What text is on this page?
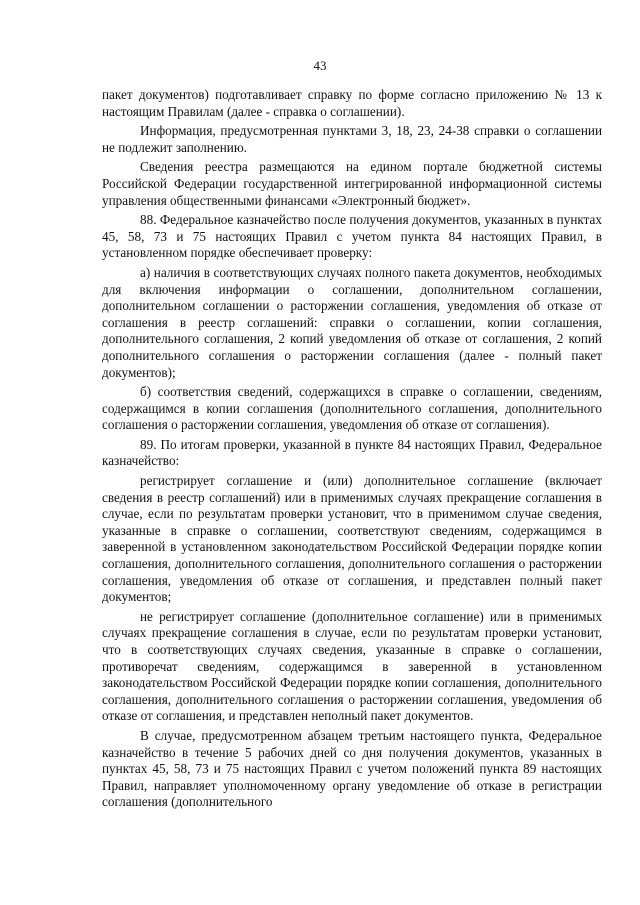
43

пакет документов) подготавливает справку по форме согласно приложению № 13 к настоящим Правилам (далее - справка о соглашении).

Информация, предусмотренная пунктами 3, 18, 23, 24-38 справки о соглашении не подлежит заполнению.

Сведения реестра размещаются на едином портале бюджетной системы Российской Федерации государственной интегрированной информационной системы управления общественными финансами «Электронный бюджет».

88. Федеральное казначейство после получения документов, указанных в пунктах 45, 58, 73 и 75 настоящих Правил с учетом пункта 84 настоящих Правил, в установленном порядке обеспечивает проверку:

а) наличия в соответствующих случаях полного пакета документов, необходимых для включения информации о соглашении, дополнительном соглашении, дополнительном соглашении о расторжении соглашения, уведомления об отказе от соглашения в реестр соглашений: справки о соглашении, копии соглашения, дополнительного соглашения, 2 копий уведомления об отказе от соглашения, 2 копий дополнительного соглашения о расторжении соглашения (далее - полный пакет документов);

б) соответствия сведений, содержащихся в справке о соглашении, сведениям, содержащимся в копии соглашения (дополнительного соглашения, дополнительного соглашения о расторжении соглашения, уведомления об отказе от соглашения).

89. По итогам проверки, указанной в пункте 84 настоящих Правил, Федеральное казначейство:

регистрирует соглашение и (или) дополнительное соглашение (включает сведения в реестр соглашений) или в применимых случаях прекращение соглашения в случае, если по результатам проверки установит, что в применимом случае сведения, указанные в справке о соглашении, соответствуют сведениям, содержащимся в заверенной в установленном законодательством Российской Федерации порядке копии соглашения, дополнительного соглашения, дополнительного соглашения о расторжении соглашения, уведомления об отказе от соглашения, и представлен полный пакет документов;

не регистрирует соглашение (дополнительное соглашение) или в применимых случаях прекращение соглашения в случае, если по результатам проверки установит, что в соответствующих случаях сведения, указанные в справке о соглашении, противоречат сведениям, содержащимся в заверенной в установленном законодательством Российской Федерации порядке копии соглашения, дополнительного соглашения, дополнительного соглашения о расторжении соглашения, уведомления об отказе от соглашения, и представлен неполный пакет документов.

В случае, предусмотренном абзацем третьим настоящего пункта, Федеральное казначейство в течение 5 рабочих дней со дня получения документов, указанных в пунктах 45, 58, 73 и 75 настоящих Правил с учетом положений пункта 89 настоящих Правил, направляет уполномоченному органу уведомление об отказе в регистрации соглашения (дополнительного
